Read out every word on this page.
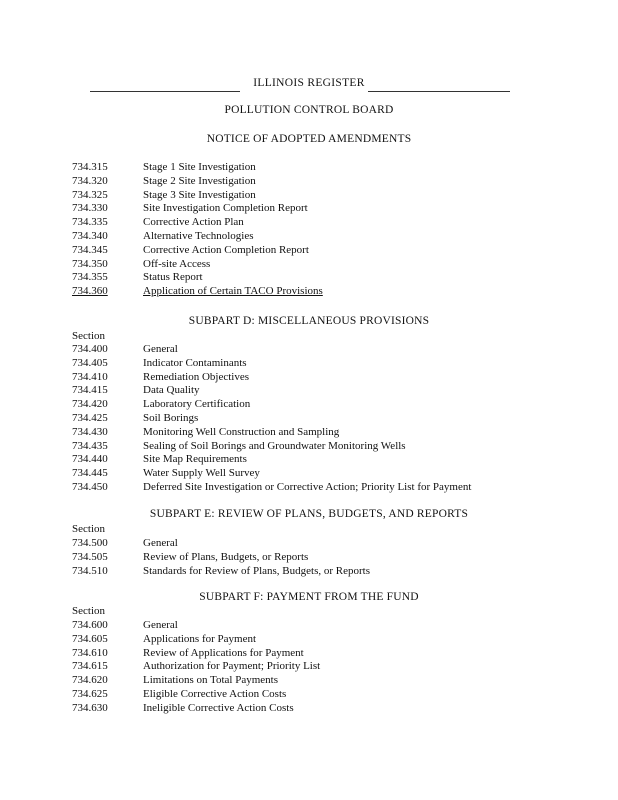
ILLINOIS REGISTER
POLLUTION CONTROL BOARD
NOTICE OF ADOPTED AMENDMENTS
734.315	Stage 1 Site Investigation
734.320	Stage 2 Site Investigation
734.325	Stage 3 Site Investigation
734.330	Site Investigation Completion Report
734.335	Corrective Action Plan
734.340	Alternative Technologies
734.345	Corrective Action Completion Report
734.350	Off-site Access
734.355	Status Report
734.360	Application of Certain TACO Provisions
SUBPART D: MISCELLANEOUS PROVISIONS
Section
734.400	General
734.405	Indicator Contaminants
734.410	Remediation Objectives
734.415	Data Quality
734.420	Laboratory Certification
734.425	Soil Borings
734.430	Monitoring Well Construction and Sampling
734.435	Sealing of Soil Borings and Groundwater Monitoring Wells
734.440	Site Map Requirements
734.445	Water Supply Well Survey
734.450	Deferred Site Investigation or Corrective Action; Priority List for Payment
SUBPART E: REVIEW OF PLANS, BUDGETS, AND REPORTS
Section
734.500	General
734.505	Review of Plans, Budgets, or Reports
734.510	Standards for Review of Plans, Budgets, or Reports
SUBPART F: PAYMENT FROM THE FUND
Section
734.600	General
734.605	Applications for Payment
734.610	Review of Applications for Payment
734.615	Authorization for Payment; Priority List
734.620	Limitations on Total Payments
734.625	Eligible Corrective Action Costs
734.630	Ineligible Corrective Action Costs
